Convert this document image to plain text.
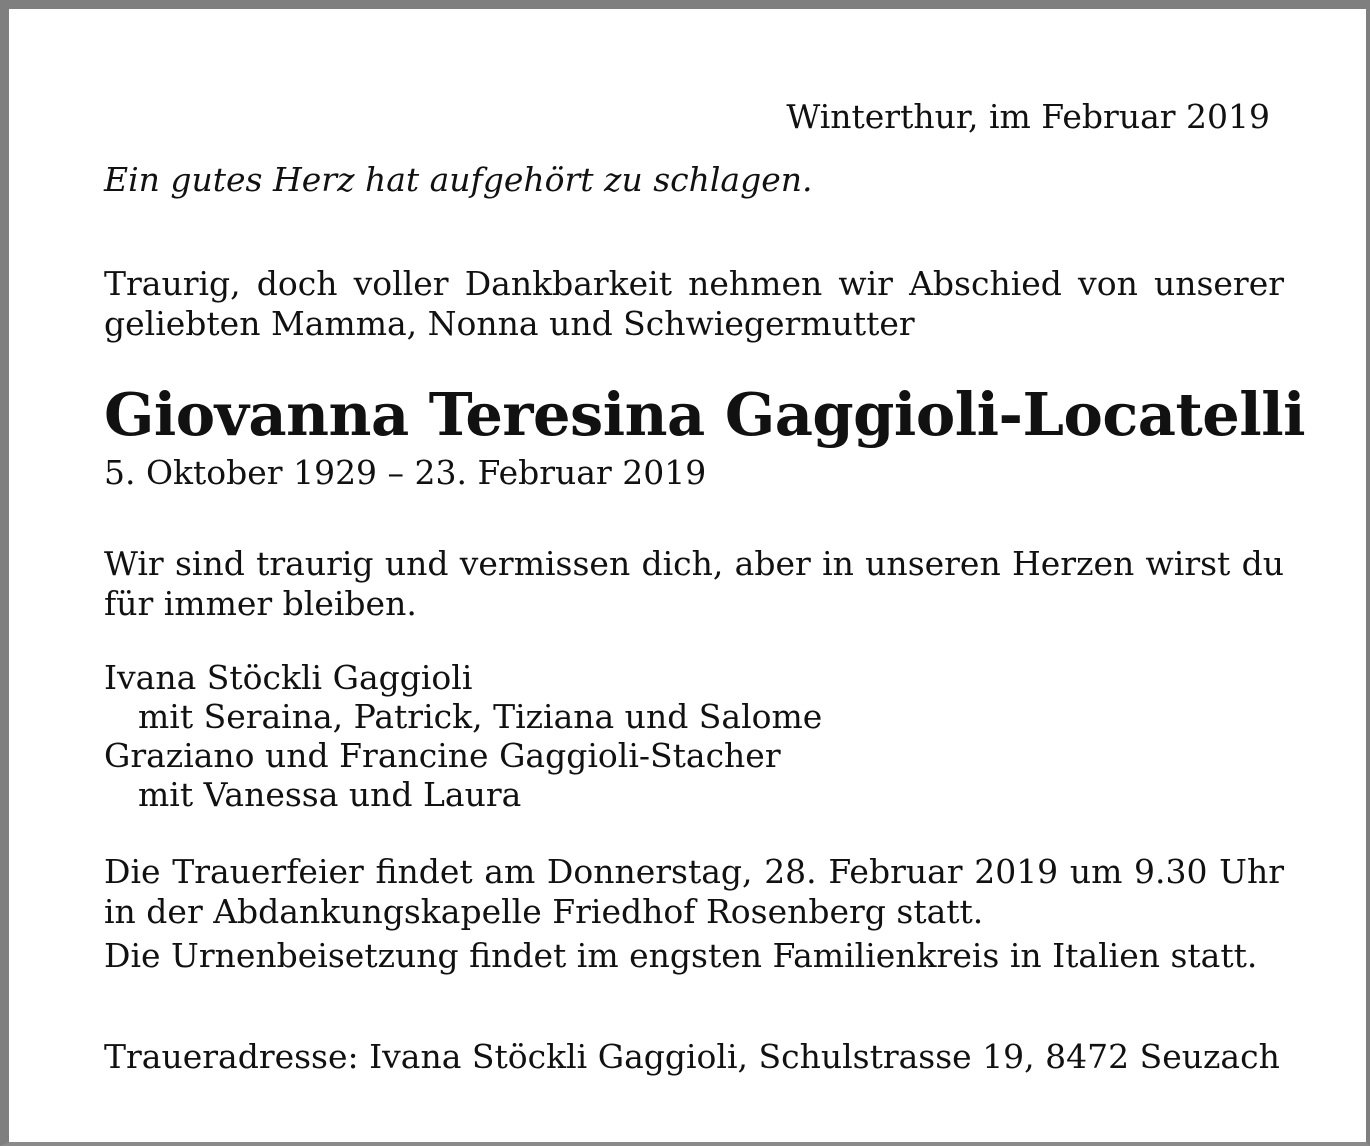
Winterthur, im Februar 2019

Ein gutes Herz hat aufgehört zu schlagen.

Traurig, doch voller Dankbarkeit nehmen wir Abschied von unserer geliebten Mamma, Nonna und Schwiegermutter

Giovanna Teresina Gaggioli-Locatelli

5. Oktober 1929 – 23. Februar 2019

Wir sind traurig und vermissen dich, aber in unseren Herzen wirst du für immer bleiben.

Ivana Stöckli Gaggioli
mit Seraina, Patrick, Tiziana und Salome
Graziano und Francine Gaggioli-Stacher
mit Vanessa und Laura

Die Trauerfeier findet am Donnerstag, 28. Februar 2019 um 9.30 Uhr in der Abdankungskapelle Friedhof Rosenberg statt.

Die Urnenbeisetzung findet im engsten Familienkreis in Italien statt.

Traueradresse: Ivana Stöckli Gaggioli, Schulstrasse 19, 8472 Seuzach
